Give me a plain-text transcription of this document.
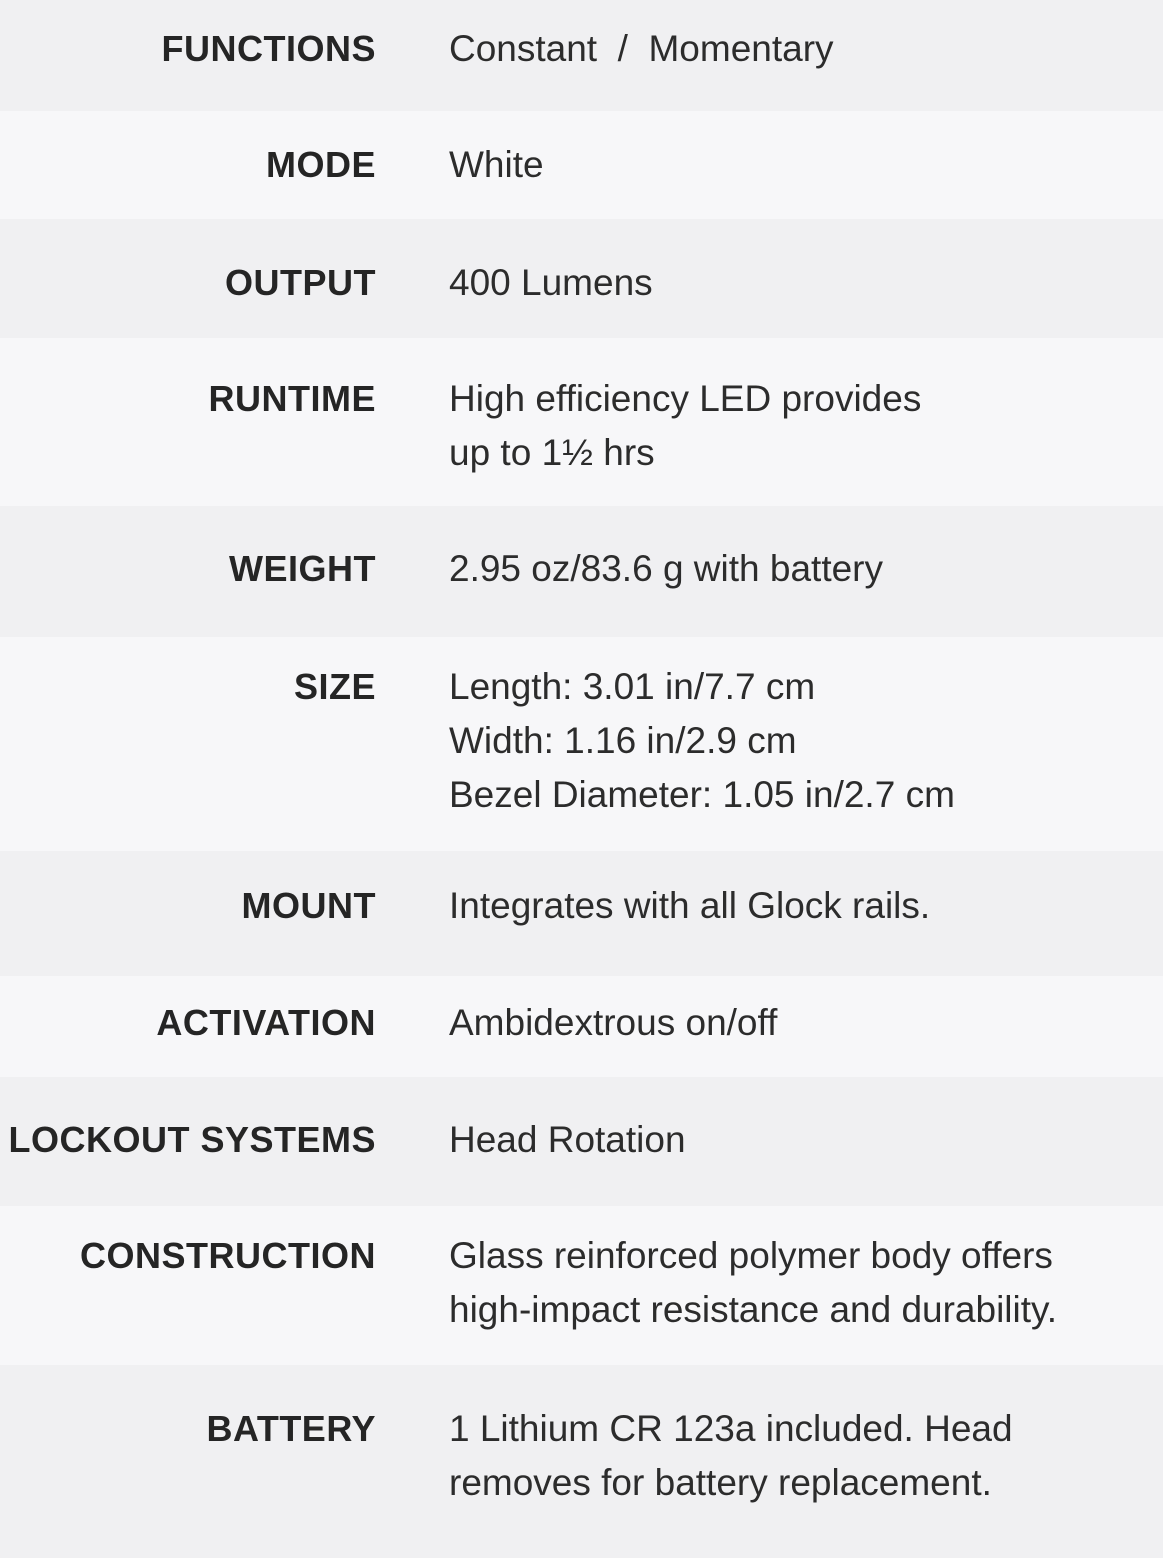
FUNCTIONS Constant  /  Momentary
MODE White
OUTPUT 400 Lumens
RUNTIME High efficiency LED provides
up to 1½ hrs
WEIGHT 2.95 oz/83.6 g with battery
SIZE Length: 3.01 in/7.7 cm
Width: 1.16 in/2.9 cm
Bezel Diameter: 1.05 in/2.7 cm
MOUNT Integrates with all Glock rails.
ACTIVATION Ambidextrous on/off
LOCKOUT SYSTEMS Head Rotation
CONSTRUCTION Glass reinforced polymer body offers
high-impact resistance and durability.
BATTERY 1 Lithium CR 123a included. Head
removes for battery replacement.
